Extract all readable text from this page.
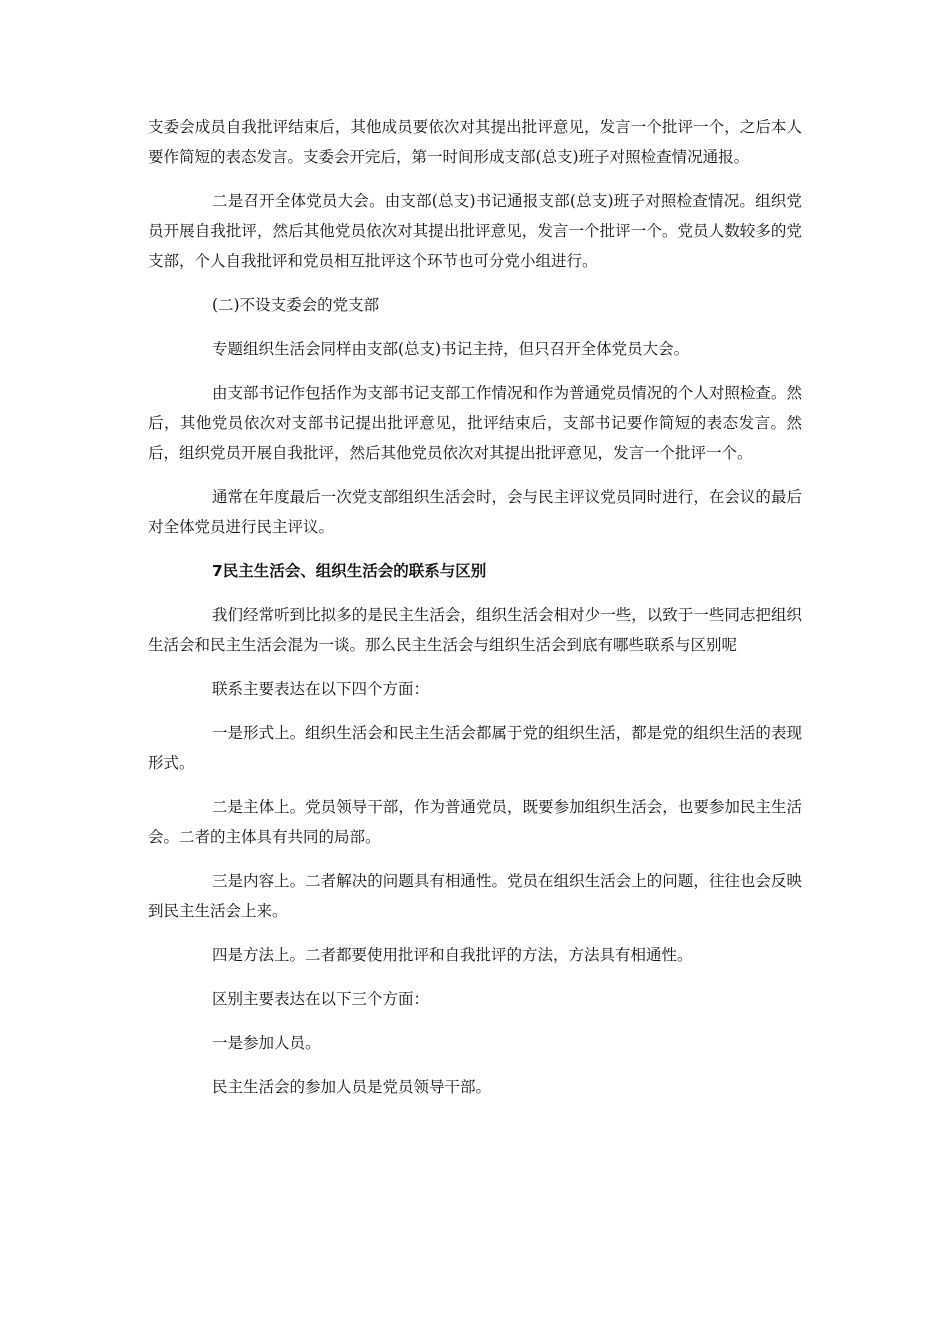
支委会成员自我批评结束后，其他成员要依次对其提出批评意见，发言一个批评一个，之后本人要作简短的表态发言。支委会开完后，第一时间形成支部(总支)班子对照检查情况通报。

二是召开全体党员大会。由支部(总支)书记通报支部(总支)班子对照检查情况。组织党员开展自我批评，然后其他党员依次对其提出批评意见，发言一个批评一个。党员人数较多的党支部，个人自我批评和党员相互批评这个环节也可分党小组进行。

(二)不设支委会的党支部

专题组织生活会同样由支部(总支)书记主持，但只召开全体党员大会。

由支部书记作包括作为支部书记支部工作情况和作为普通党员情况的个人对照检查。然后，其他党员依次对支部书记提出批评意见，批评结束后，支部书记要作简短的表态发言。然后，组织党员开展自我批评，然后其他党员依次对其提出批评意见，发言一个批评一个。

通常在年度最后一次党支部组织生活会时，会与民主评议党员同时进行，在会议的最后对全体党员进行民主评议。

7民主生活会、组织生活会的联系与区别

我们经常听到比拟多的是民主生活会，组织生活会相对少一些，以致于一些同志把组织生活会和民主生活会混为一谈。那么民主生活会与组织生活会到底有哪些联系与区别呢

联系主要表达在以下四个方面：

一是形式上。组织生活会和民主生活会都属于党的组织生活，都是党的组织生活的表现形式。

二是主体上。党员领导干部，作为普通党员，既要参加组织生活会，也要参加民主生活会。二者的主体具有共同的局部。

三是内容上。二者解决的问题具有相通性。党员在组织生活会上的问题，往往也会反映到民主生活会上来。

四是方法上。二者都要使用批评和自我批评的方法，方法具有相通性。

区别主要表达在以下三个方面：

一是参加人员。

民主生活会的参加人员是党员领导干部。
